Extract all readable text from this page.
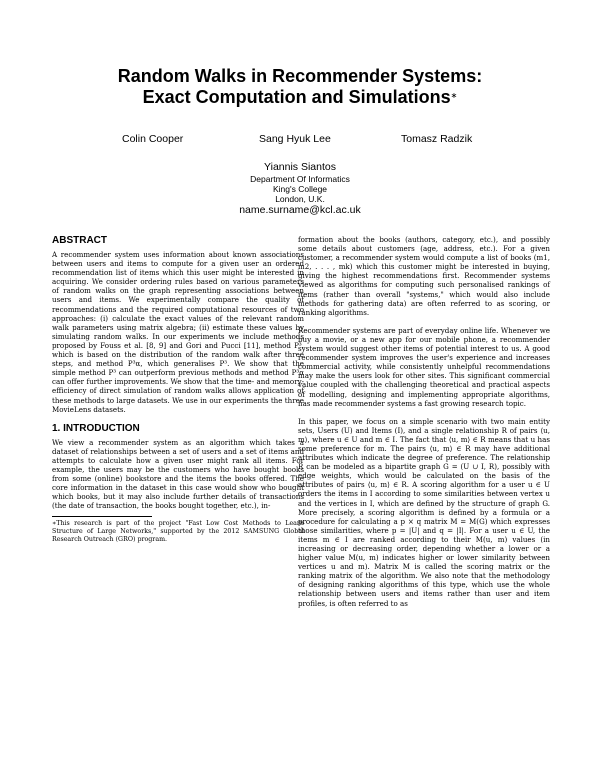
Random Walks in Recommender Systems:
Exact Computation and Simulations∗
Colin Cooper	Sang Hyuk Lee	Tomasz Radzik
Yiannis Siantos
Department Of Informatics
King's College
London, U.K.
name.surname@kcl.ac.uk
ABSTRACT

A recommender system uses information about known associations between users and items to compute for a given user an ordered recommendation list of items which this user might be interested in acquiring. We consider ordering rules based on various parameters of random walks on the graph representing associations between users and items. We experimentally compare the quality of recommendations and the required computational resources of two approaches: (i) calculate the exact values of the relevant random walk parameters using matrix algebra; (ii) estimate these values by simulating random walks. In our experiments we include methods proposed by Fouss et al. [8, 9] and Gori and Pucci [11], method P³, which is based on the distribution of the random walk after three steps, and method P³α, which generalises P³. We show that the simple method P³ can outperform previous methods and method P³α can offer further improvements. We show that the time- and memory-efficiency of direct simulation of random walks allows application of these methods to large datasets. We use in our experiments the three MovieLens datasets.

1. INTRODUCTION

We view a recommender system as an algorithm which takes a dataset of relationships between a set of users and a set of items and attempts to calculate how a given user might rank all items. For example, the users may be the customers who have bought books from some (online) bookstore and the items the books offered. The core information in the dataset in this case would show who bought which books, but it may also include further details of transactions (the date of transaction, the books bought together, etc.), in-

∗This research is part of the project "Fast Low Cost Methods to Learn Structure of Large Networks," supported by the 2012 SAMSUNG Global Research Outreach (GRO) program.

formation about the books (authors, category, etc.), and possibly some details about customers (age, address, etc.). For a given customer, a recommender system would compute a list of books (m1, m2, . . . , mk) which this customer might be interested in buying, giving the highest recommendations first. Recommender systems viewed as algorithms for computing such personalised rankings of items (rather than overall "systems," which would also include methods for gathering data) are often referred to as scoring, or ranking algorithms.

Recommender systems are part of everyday online life. Whenever we buy a movie, or a new app for our mobile phone, a recommender system would suggest other items of potential interest to us. A good recommender system improves the user's experience and increases commercial activity, while consistently unhelpful recommendations may make the users look for other sites. This significant commercial value coupled with the challenging theoretical and practical aspects of modelling, designing and implementing appropriate algorithms, has made recommender systems a fast growing research topic.

In this paper, we focus on a simple scenario with two main entity sets, Users (U) and Items (I), and a single relationship R of pairs ⟨u, m⟩, where u ∈ U and m ∈ I. The fact that ⟨u, m⟩ ∈ R means that u has some preference for m. The pairs ⟨u, m⟩ ∈ R may have additional attributes which indicate the degree of preference. The relationship R can be modeled as a bipartite graph G = (U ∪ I, R), possibly with edge weights, which would be calculated on the basis of the attributes of pairs ⟨u, m⟩ ∈ R. A scoring algorithm for a user u ∈ U orders the items in I according to some similarities between vertex u and the vertices in I, which are defined by the structure of graph G. More precisely, a scoring algorithm is defined by a formula or a procedure for calculating a p × q matrix M = M(G) which expresses those similarities, where p = |U| and q = |I|. For a user u ∈ U, the items m ∈ I are ranked according to their M(u, m) values (in increasing or decreasing order, depending whether a lower or a higher value M(u, m) indicates higher or lower similarity between vertices u and m). Matrix M is called the scoring matrix or the ranking matrix of the algorithm. We also note that the methodology of designing ranking algorithms of this type, which use the whole relationship between users and items rather than user and item profiles, is often referred to as
